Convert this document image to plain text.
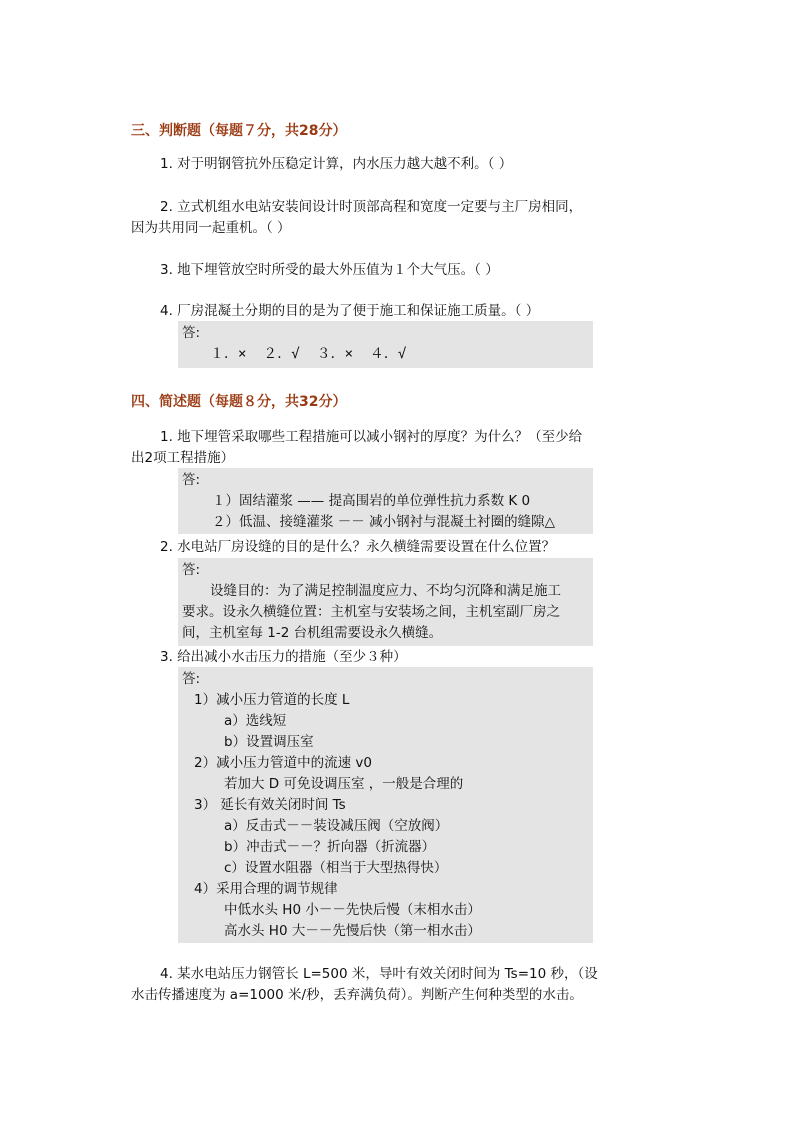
三、判断题（每题７分，共28分）
1. 对于明钢管抗外压稳定计算，内水压力越大越不利。（ ）
2. 立式机组水电站安装间设计时顶部高程和宽度一定要与主厂房相同，
因为共用同一起重机。（ ）
3. 地下埋管放空时所受的最大外压值为１个大气压。（ ）
4. 厂房混凝土分期的目的是为了便于施工和保证施工质量。（ ）
答:
１．×  ２．√  ３．×  ４．√
四、简述题（每题８分，共32分）
1. 地下埋管采取哪些工程措施可以减小钢衬的厚度？为什么？（至少给
出2项工程措施）
答:
１）固结灌浆 —— 提高围岩的单位弹性抗力系数 K 0
２）低温、接缝灌浆 －－ 减小钢衬与混凝土衬圈的缝隙△
2. 水电站厂房设缝的目的是什么？永久横缝需要设置在什么位置？
答:
设缝目的：为了满足控制温度应力、不均匀沉降和满足施工
要求。设永久横缝位置：主机室与安装场之间，主机室副厂房之
间，主机室每 1-2 台机组需要设永久横缝。
3. 给出减小水击压力的措施（至少３种）
答:
1）减小压力管道的长度 L
a）选线短
b）设置调压室
2）减小压力管道中的流速 v0
若加大 D 可免设调压室 ，一般是合理的
3） 延长有效关闭时间 Ts
a）反击式－－装设减压阀（空放阀）
b）冲击式－－？折向器（折流器）
c）设置水阻器（相当于大型热得快）
4）采用合理的调节规律
中低水头 H0 小－－先快后慢（末相水击）
高水头 H0 大－－先慢后快（第一相水击）
4. 某水电站压力钢管长 L=500 米，导叶有效关闭时间为 Ts=10 秒，（设
水击传播速度为 a=1000 米/秒，丢弃满负荷）。判断产生何种类型的水击。
